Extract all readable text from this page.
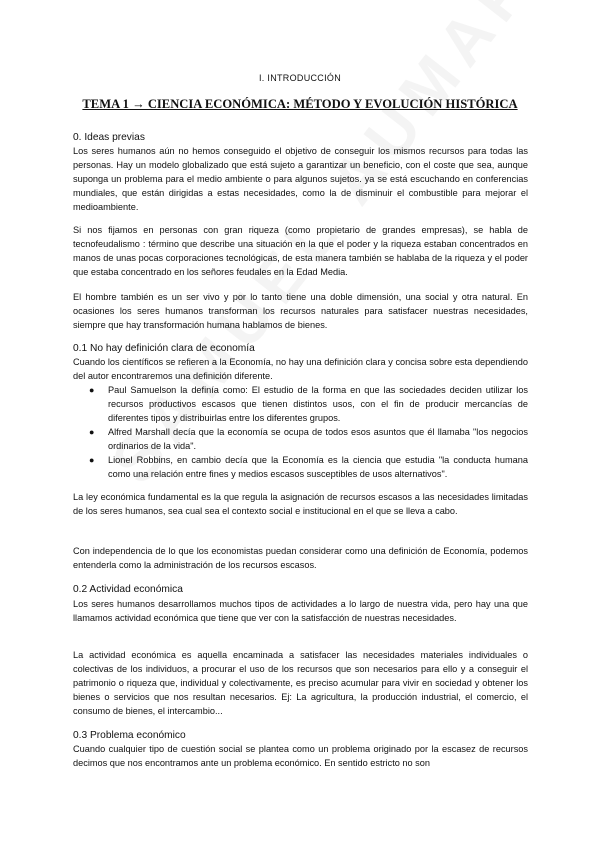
I. INTRODUCCIÓN
TEMA 1 → CIENCIA ECONÓMICA: MÉTODO Y EVOLUCIÓN HISTÓRICA
0. Ideas previas
Los seres humanos aún no hemos conseguido el objetivo de conseguir los mismos recursos para todas las personas. Hay un modelo globalizado que está sujeto a garantizar un beneficio, con el coste que sea, aunque suponga un problema para el medio ambiente o para algunos sujetos. ya se está escuchando en conferencias mundiales, que están dirigidas a estas necesidades, como la de disminuir el combustible para mejorar el medioambiente.
Si nos fijamos en personas con gran riqueza (como propietario de grandes empresas), se habla de tecnofeudalismo : término que describe una situación en la que el poder y la riqueza estaban concentrados en manos de unas pocas corporaciones tecnológicas, de esta manera también se hablaba de la riqueza y el poder que estaba concentrado en los señores feudales en la Edad Media.
El hombre también es un ser vivo y por lo tanto tiene una doble dimensión, una social y otra natural. En ocasiones los seres humanos transforman los recursos naturales para satisfacer nuestras necesidades, siempre que hay transformación humana hablamos de bienes.
0.1 No hay definición clara de economía
Cuando los científicos se refieren a la Economía, no hay una definición clara y concisa sobre esta dependiendo del autor encontraremos una definición diferente.
● Paul Samuelson la definía como: El estudio de la forma en que las sociedades deciden utilizar los recursos productivos escasos que tienen distintos usos, con el fin de producir mercancías de diferentes tipos y distribuirlas entre los diferentes grupos.
● Alfred Marshall decía que la economía se ocupa de todos esos asuntos que él llamaba "los negocios ordinarios de la vida".
● Lionel Robbins, en cambio decía que la Economía es la ciencia que estudia "la conducta humana como una relación entre fines y medios escasos susceptibles de usos alternativos".
La ley económica fundamental es la que regula la asignación de recursos escasos a las necesidades limitadas de los seres humanos, sea cual sea el contexto social e institucional en el que se lleva a cabo.
Con independencia de lo que los economistas puedan considerar como una definición de Economía, podemos entenderla como la administración de los recursos escasos.
0.2 Actividad económica
Los seres humanos desarrollamos muchos tipos de actividades a lo largo de nuestra vida, pero hay una que llamamos actividad económica que tiene que ver con la satisfacción de nuestras necesidades.
La actividad económica es aquella encaminada a satisfacer las necesidades materiales individuales o colectivas de los individuos, a procurar el uso de los recursos que son necesarios para ello y a conseguir el patrimonio o riqueza que, individual y colectivamente, es preciso acumular para vivir en sociedad y obtener los bienes o servicios que nos resultan necesarios. Ej: La agricultura, la producción industrial, el comercio, el consumo de bienes, el intercambio...
0.3 Problema económico
Cuando cualquier tipo de cuestión social se plantea como un problema originado por la escasez de recursos decimos que nos encontramos ante un problema económico. En sentido estricto no son
